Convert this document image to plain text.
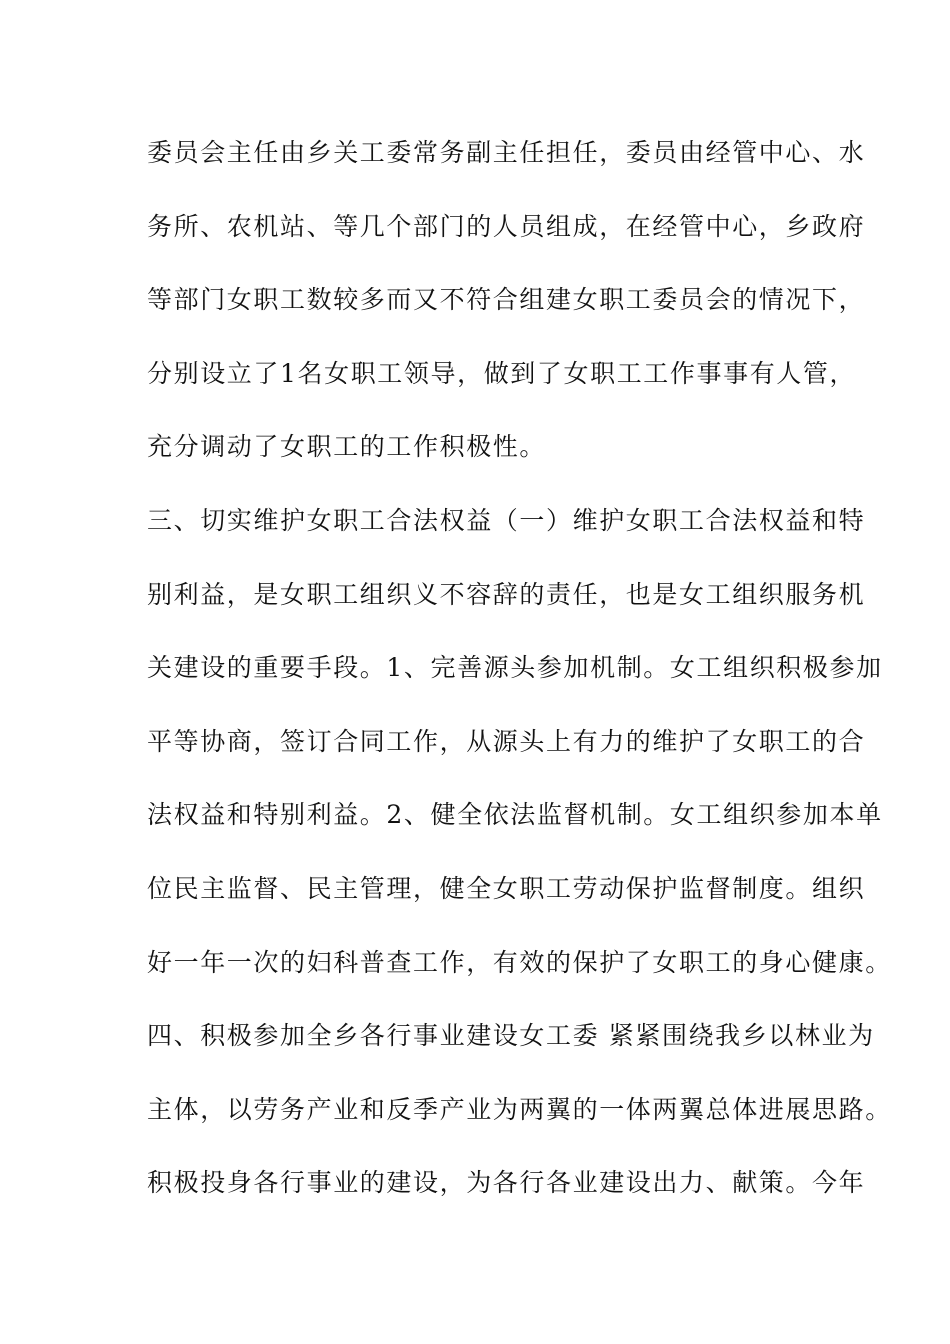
委员会主任由乡关工委常务副主任担任，委员由经管中心、水
务所、农机站、等几个部门的人员组成，在经管中心，乡政府
等部门女职工数较多而又不符合组建女职工委员会的情况下，
分别设立了1名女职工领导，做到了女职工工作事事有人管，
充分调动了女职工的工作积极性。
三、切实维护女职工合法权益（一）维护女职工合法权益和特
别利益，是女职工组织义不容辞的责任，也是女工组织服务机
关建设的重要手段。1、完善源头参加机制。女工组织积极参加
平等协商，签订合同工作，从源头上有力的维护了女职工的合
法权益和特别利益。2、健全依法监督机制。女工组织参加本单
位民主监督、民主管理，健全女职工劳动保护监督制度。组织
好一年一次的妇科普查工作，有效的保护了女职工的身心健康。
四、积极参加全乡各行事业建设女工委 紧紧围绕我乡以林业为
主体，以劳务产业和反季产业为两翼的一体两翼总体进展思路。
积极投身各行事业的建设，为各行各业建设出力、献策。今年
